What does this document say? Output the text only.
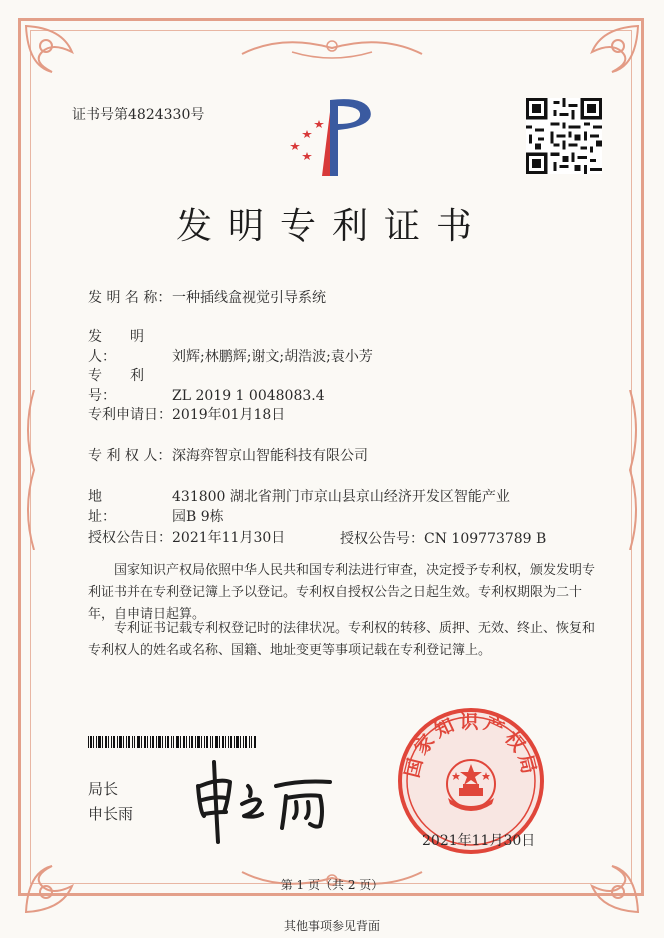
证书号第4824330号
发明专利证书
发 明 名 称：一种插线盒视觉引导系统
发　　明　　人：	刘辉;林鹏辉;谢文;胡浩波;袁小芳
专　　利　　号：	ZL 2019 1 0048083.4
专利申请日：2019年01月18日
专 利 权 人：深海弈智京山智能科技有限公司
地　　　　　址：431800 湖北省荆门市京山县京山经济开发区智能产业园B 9栋
授权公告日：2021年11月30日	授权公告号：CN 109773789 B
国家知识产权局依照中华人民共和国专利法进行审查，决定授予专利权，颁发发明专利证书并在专利登记簿上予以登记。专利权自授权公告之日起生效。专利权期限为二十年，自申请日起算。
专利证书记载专利权登记时的法律状况。专利权的转移、质押、无效、终止、恢复和专利权人的姓名或名称、国籍、地址变更等事项记载在专利登记簿上。
局长
申长雨
国家知识产权局
2021年11月30日
第 1 页（共 2 页）
其他事项参见背面
